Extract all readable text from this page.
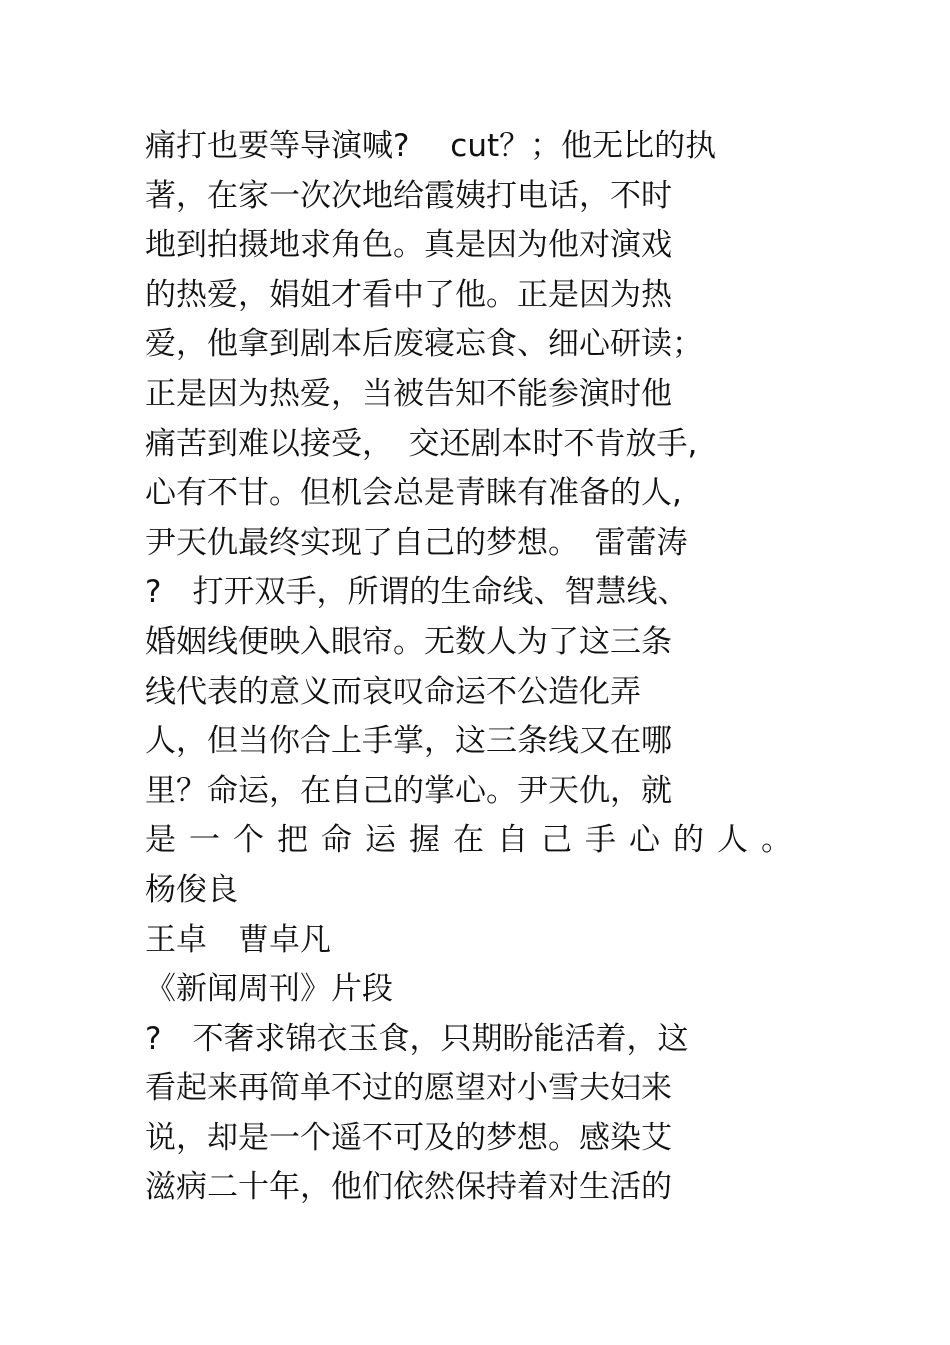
痛打也要等导演喊?　 cut？；他无比的执
著，在家一次次地给霞姨打电话，不时
地到拍摄地求角色。真是因为他对演戏
的热爱，娟姐才看中了他。正是因为热
爱，他拿到剧本后废寝忘食、细心研读；
正是因为热爱，当被告知不能参演时他
痛苦到难以接受，　交还剧本时不肯放手,
心有不甘。但机会总是青睐有准备的人,
尹天仇最终实现了自己的梦想。　雷蕾涛
?　打开双手，所谓的生命线、智慧线、
婚姻线便映入眼帘。无数人为了这三条
线代表的意义而哀叹命运不公造化弄
人，但当你合上手掌，这三条线又在哪
里？命运，在自己的掌心。尹天仇，就
是一个把命运握在自己手心的人。
杨俊良
王卓　曹卓凡
《新闻周刊》片段
?　不奢求锦衣玉食，只期盼能活着，这
看起来再简单不过的愿望对小雪夫妇来
说，却是一个遥不可及的梦想。感染艾
滋病二十年，他们依然保持着对生活的
